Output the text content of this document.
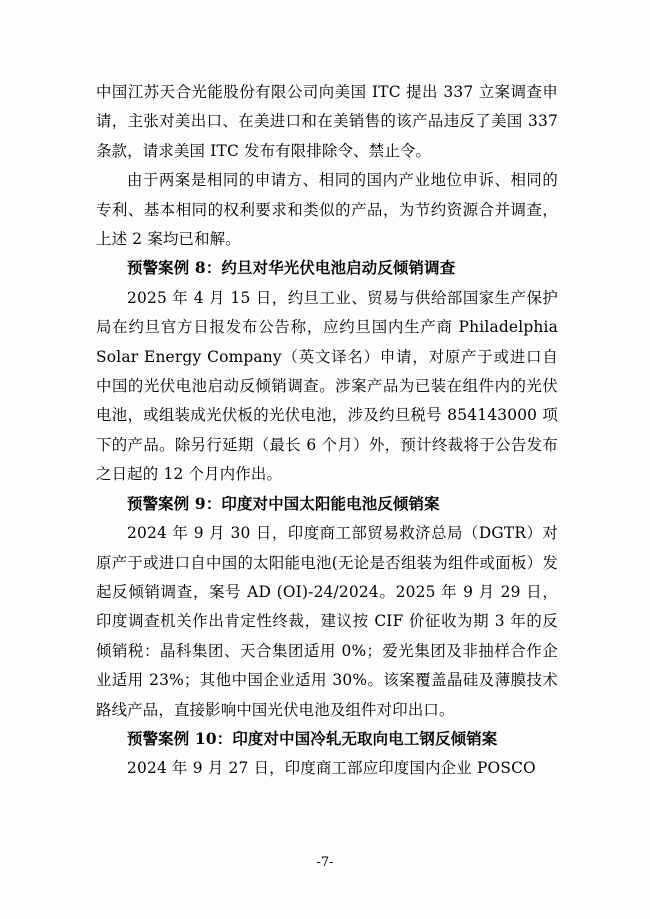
中国江苏天合光能股份有限公司向美国 ITC 提出 337 立案调查申请，主张对美出口、在美进口和在美销售的该产品违反了美国 337 条款，请求美国 ITC 发布有限排除令、禁止令。

由于两案是相同的申请方、相同的国内产业地位申诉、相同的专利、基本相同的权利要求和类似的产品，为节约资源合并调查，上述 2 案均已和解。

预警案例 8：约旦对华光伏电池启动反倾销调查

2025 年 4 月 15 日，约旦工业、贸易与供给部国家生产保护局在约旦官方日报发布公告称，应约旦国内生产商 Philadelphia Solar Energy Company（英文译名）申请，对原产于或进口自中国的光伏电池启动反倾销调查。涉案产品为已装在组件内的光伏电池，或组装成光伏板的光伏电池，涉及约旦税号 854143000 项下的产品。除另行延期（最长 6 个月）外，预计终裁将于公告发布之日起的 12 个月内作出。

预警案例 9：印度对中国太阳能电池反倾销案

2024 年 9 月 30 日，印度商工部贸易救济总局（DGTR）对原产于或进口自中国的太阳能电池(无论是否组装为组件或面板）发起反倾销调查，案号 AD (OI)-24/2024。2025 年 9 月 29 日，印度调查机关作出肯定性终裁，建议按 CIF 价征收为期 3 年的反倾销税：晶科集团、天合集团适用 0%；爱光集团及非抽样合作企业适用 23%；其他中国企业适用 30%。该案覆盖晶硅及薄膜技术路线产品，直接影响中国光伏电池及组件对印出口。

预警案例 10：印度对中国冷轧无取向电工钢反倾销案

2024 年 9 月 27 日，印度商工部应印度国内企业 POSCO

-7-
